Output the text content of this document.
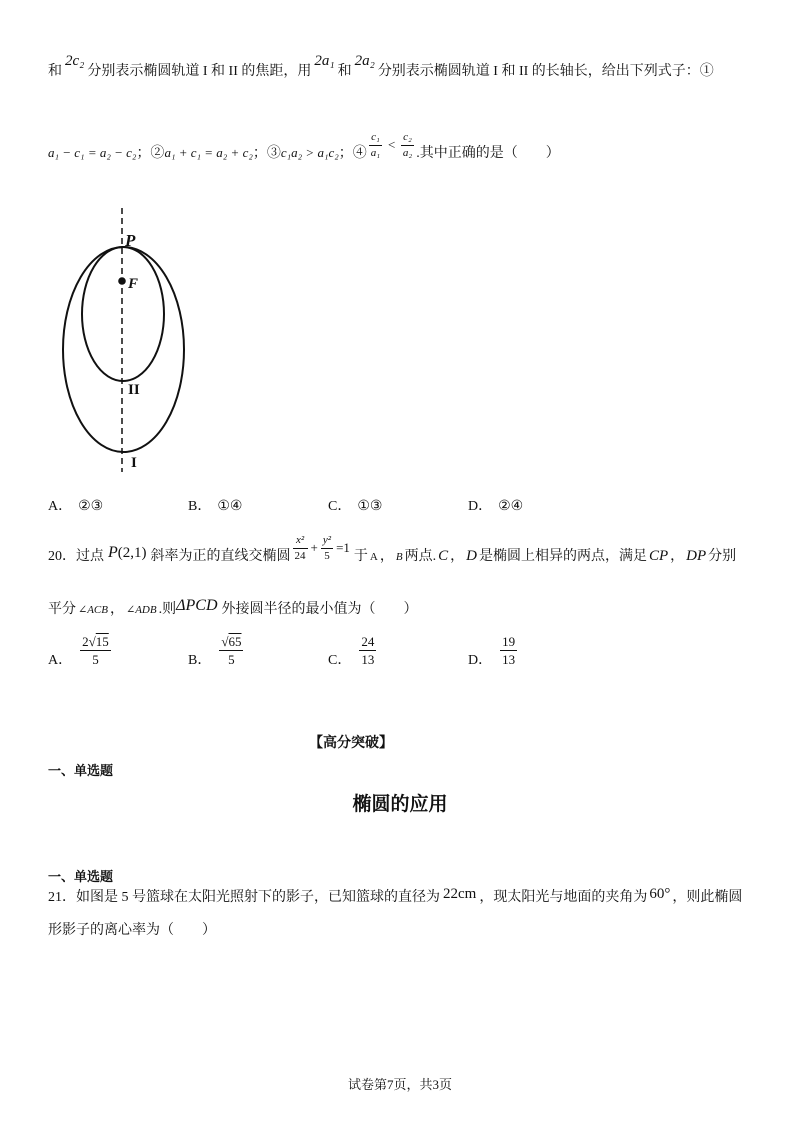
和2c₂分别表示椭圆轨道 I 和 II 的焦距，用2a₁和2a₂分别表示椭圆轨道 I 和 II 的长轴长，给出下列式子：①
a₁ − c₁ = a₂ − c₂；②a₁ + c₁ = a₂ + c₂；③c₁a₂ > a₁c₂；④ $\frac{\text{c₁}}{\text{a₁}} < \frac{\text{c₂}}{\text{a₂}}$ .其中正确的是（　　）
P
F
II
I
A． ②③	B． ①④	C． ①③	D． ②④
20．过点 P(2,1) 斜率为正的直线交椭圆 $\frac{\text{x²}}{24} + \frac{\text{y²}}{5} =1$于 A ， B 两点. C ， D 是椭圆上相异的两点，满足 CP ， DP 分别
平分 ∠ACB ， ∠ADB .则ΔPCD 外接圆半径的最小值为（　　）
A． $\frac{2√15}{5}$	B． $\frac{√65}{5}$	C． $\frac{24}{13}$	D． $\frac{19}{13}$
【高分突破】
一、单选题
椭圆的应用
一、单选题
21．如图是 5 号篮球在太阳光照射下的影子，已知篮球的直径为 22cm ，现太阳光与地面的夹角为 60° ，则此椭圆
形影子的离心率为（　　）
试卷第7页，共3页
